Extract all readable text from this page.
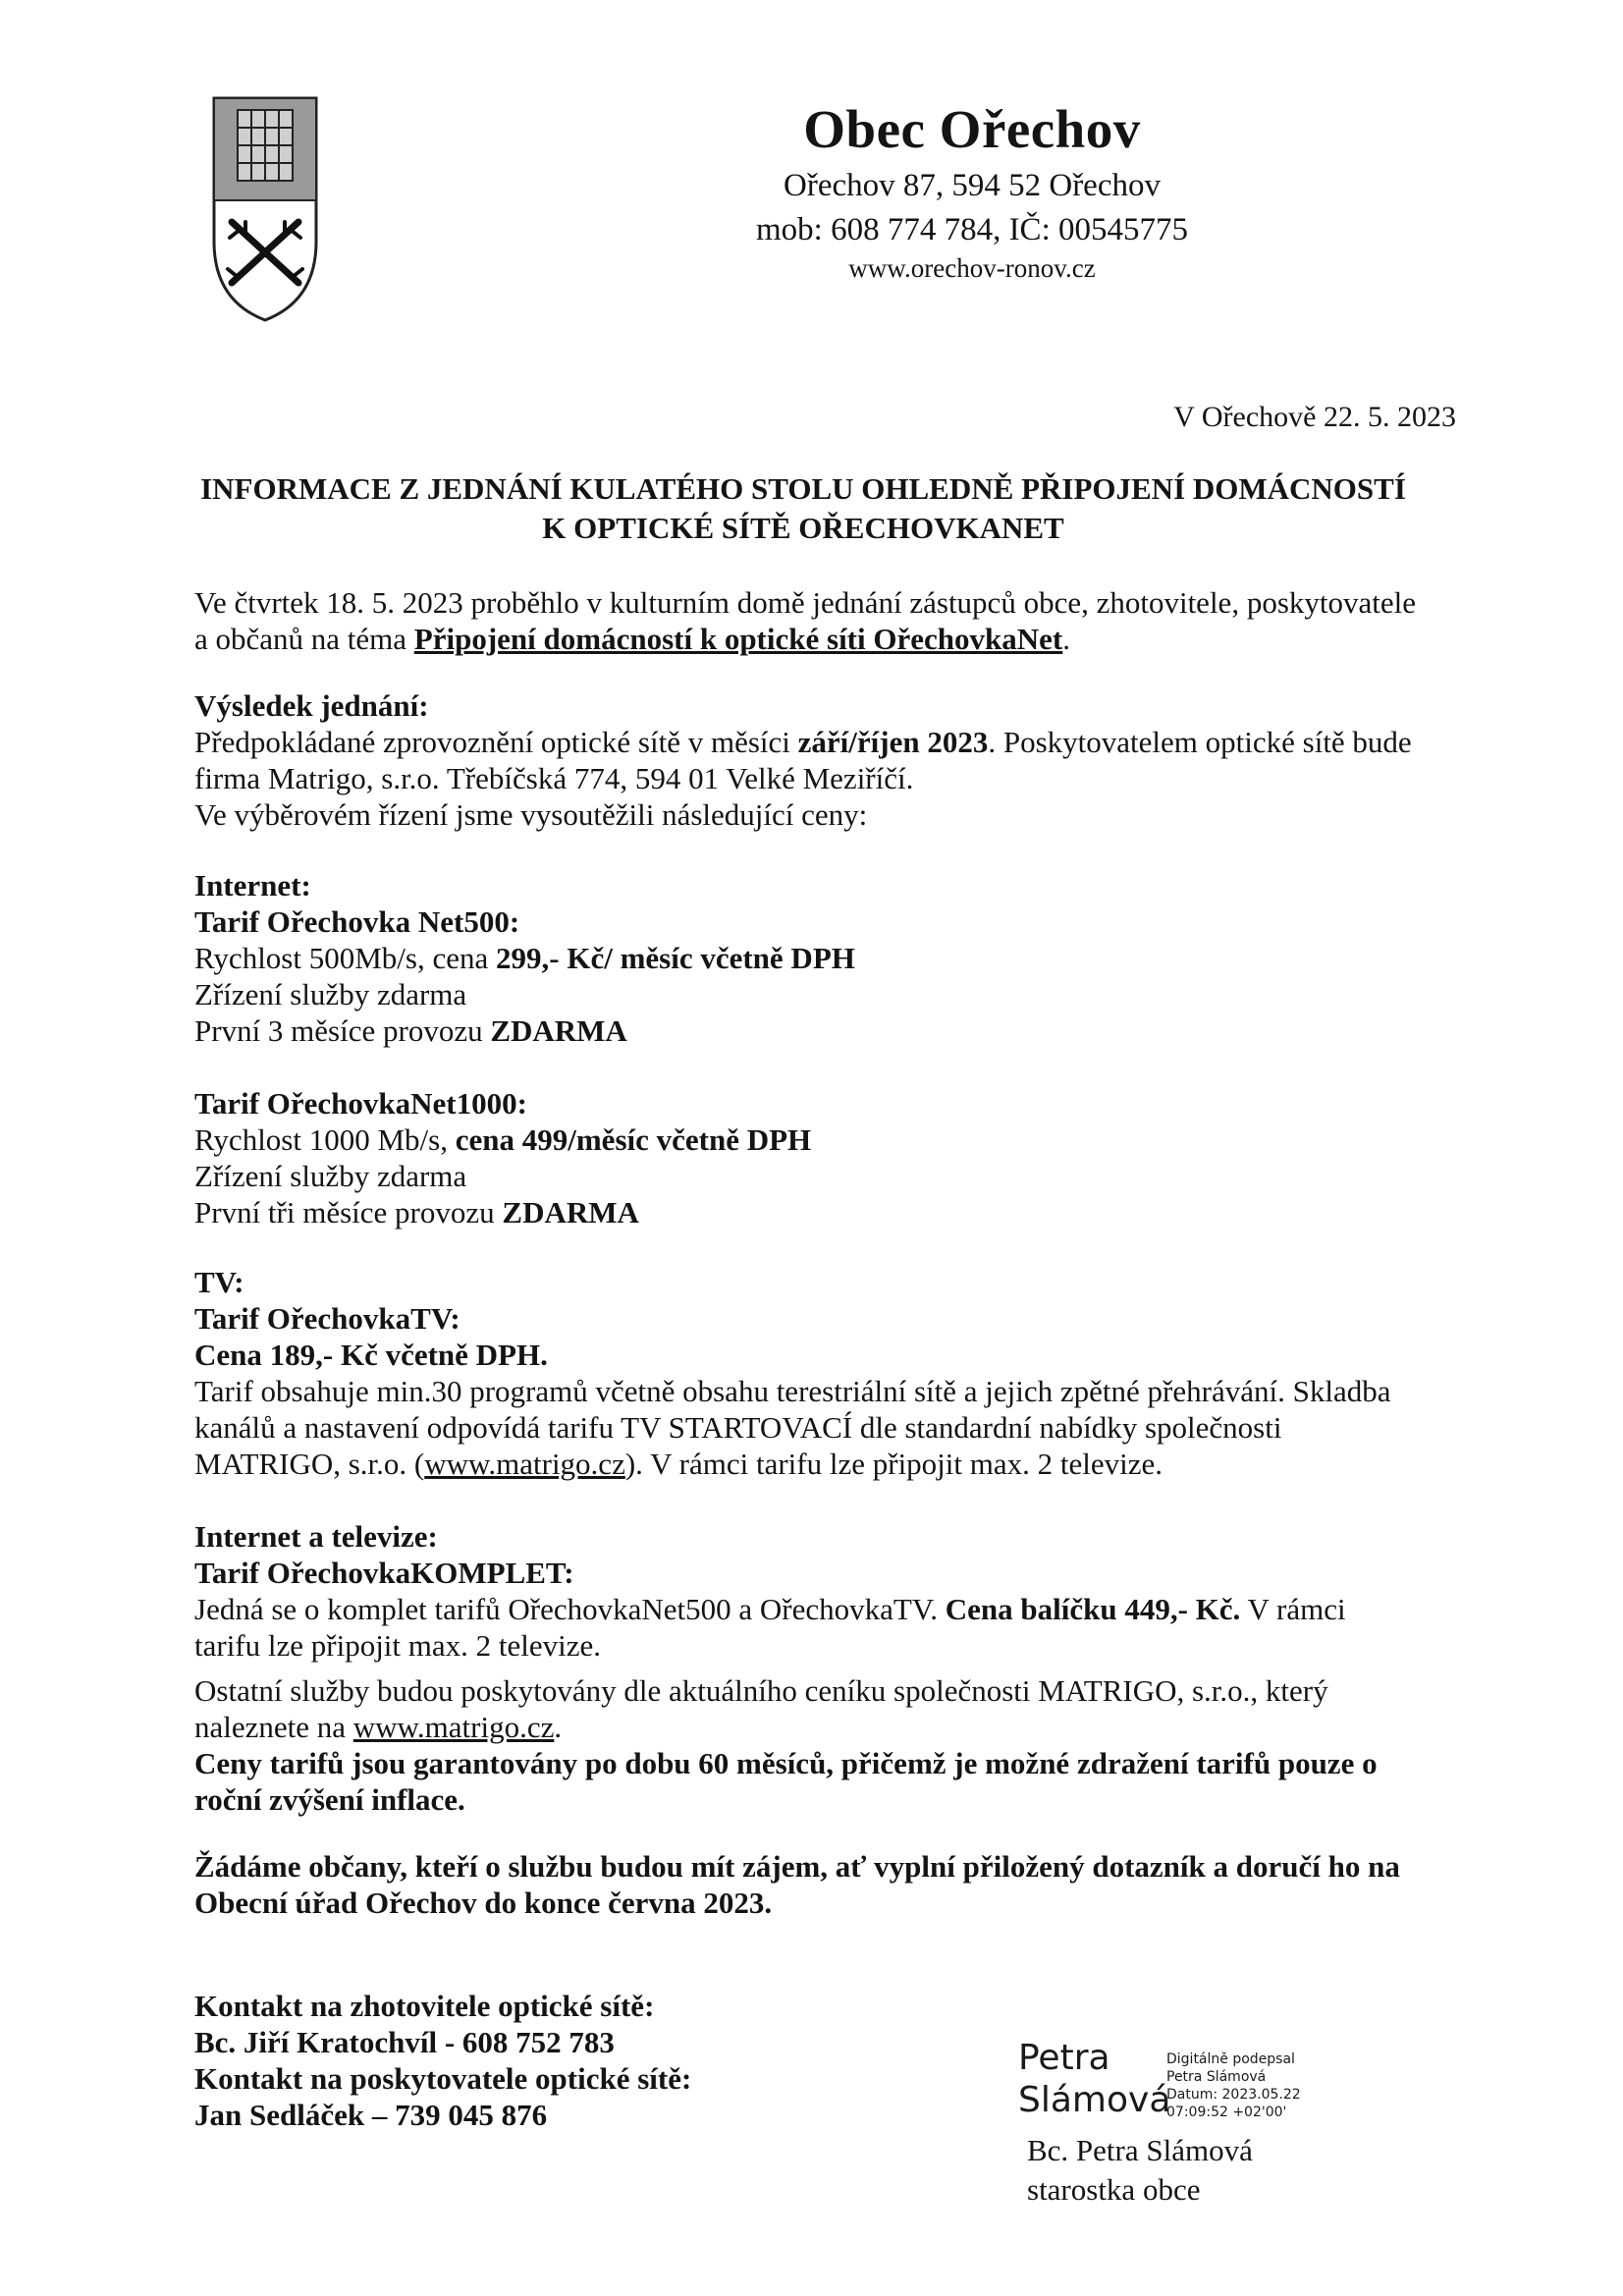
Obec Ořechov
Ořechov 87, 594 52 Ořechov
mob: 608 774 784, IČ: 00545775
www.orechov-ronov.cz
V Ořechově 22. 5. 2023
INFORMACE Z JEDNÁNÍ KULATÉHO STOLU OHLEDNĚ PŘIPOJENÍ DOMÁCNOSTÍ
K OPTICKÉ SÍTĚ OŘECHOVKANET

Ve čtvrtek 18. 5. 2023 proběhlo v kulturním domě jednání zástupců obce, zhotovitele, poskytovatele

a občanů na téma Připojení domácností k optické síti OřechovkaNet.

Výsledek jednání:

Předpokládané zprovoznění optické sítě v měsíci září/říjen 2023. Poskytovatelem optické sítě bude

firma Matrigo, s.r.o. Třebíčská 774, 594 01 Velké Meziříčí.

Ve výběrovém řízení jsme vysoutěžili následující ceny:

Internet:

Tarif Ořechovka Net500:

Rychlost 500Mb/s, cena 299,- Kč/ měsíc včetně DPH

Zřízení služby zdarma

První 3 měsíce provozu ZDARMA

Tarif OřechovkaNet1000:

Rychlost 1000 Mb/s, cena 499/měsíc včetně DPH

Zřízení služby zdarma

První tři měsíce provozu ZDARMA

TV:

Tarif OřechovkaTV:

Cena 189,- Kč včetně DPH.

Tarif obsahuje min.30 programů včetně obsahu terestriální sítě a jejich zpětné přehrávání. Skladba

kanálů a nastavení odpovídá tarifu TV STARTOVACÍ dle standardní nabídky společnosti

MATRIGO, s.r.o. (www.matrigo.cz). V rámci tarifu lze připojit max. 2 televize.

Internet a televize:

Tarif OřechovkaKOMPLET:

Jedná se o komplet tarifů OřechovkaNet500 a OřechovkaTV. Cena balíčku 449,- Kč. V rámci

tarifu lze připojit max. 2 televize.

Ostatní služby budou poskytovány dle aktuálního ceníku společnosti MATRIGO, s.r.o., který

naleznete na www.matrigo.cz.

Ceny tarifů jsou garantovány po dobu 60 měsíců, přičemž je možné zdražení tarifů pouze o

roční zvýšení inflace.

Žádáme občany, kteří o službu budou mít zájem, ať vyplní přiložený dotazník a doručí ho na

Obecní úřad Ořechov do konce června 2023.

Kontakt na zhotovitele optické sítě:
Bc. Jiří Kratochvíl - 608 752 783
Kontakt na poskytovatele optické sítě:
Jan Sedláček – 739 045 876
Petra
Slámová
Digitálně podepsal
Petra Slámová
Datum: 2023.05.22
07:09:52 +02'00'
Bc. Petra Slámová
starostka obce
